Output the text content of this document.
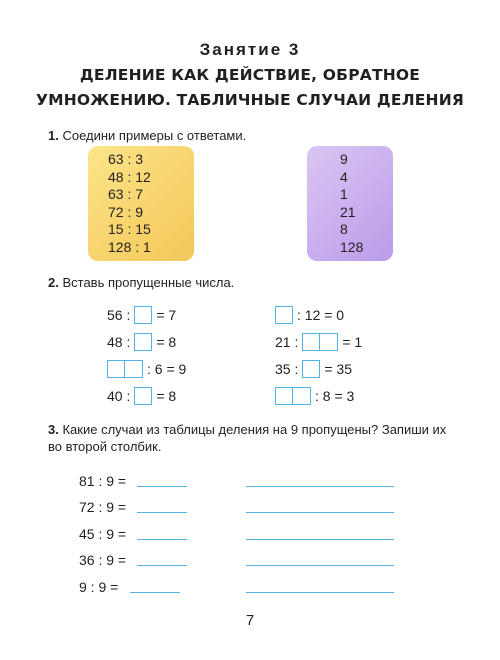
Занятие 3
ДЕЛЕНИЕ КАК ДЕЙСТВИЕ, ОБРАТНОЕ
УМНОЖЕНИЮ. ТАБЛИЧНЫЕ СЛУЧАИ ДЕЛЕНИЯ
1. Соедини примеры с ответами.
63 : 3
48 : 12
63 : 7
72 : 9
15 : 15
128 : 1
9
4
1
21
8
128
2. Вставь пропущенные числа.
56 : = 7
48 : = 8
: 6 = 9
40 : = 8
: 12 = 0
21 :	= 1
35 : = 35
: 8 = 3
3. Какие случаи из таблицы деления на 9 пропущены? Запиши их
во второй столбик.
81 : 9 =
72 : 9 =
45 : 9 =
36 : 9 =
9 : 9 =
7
